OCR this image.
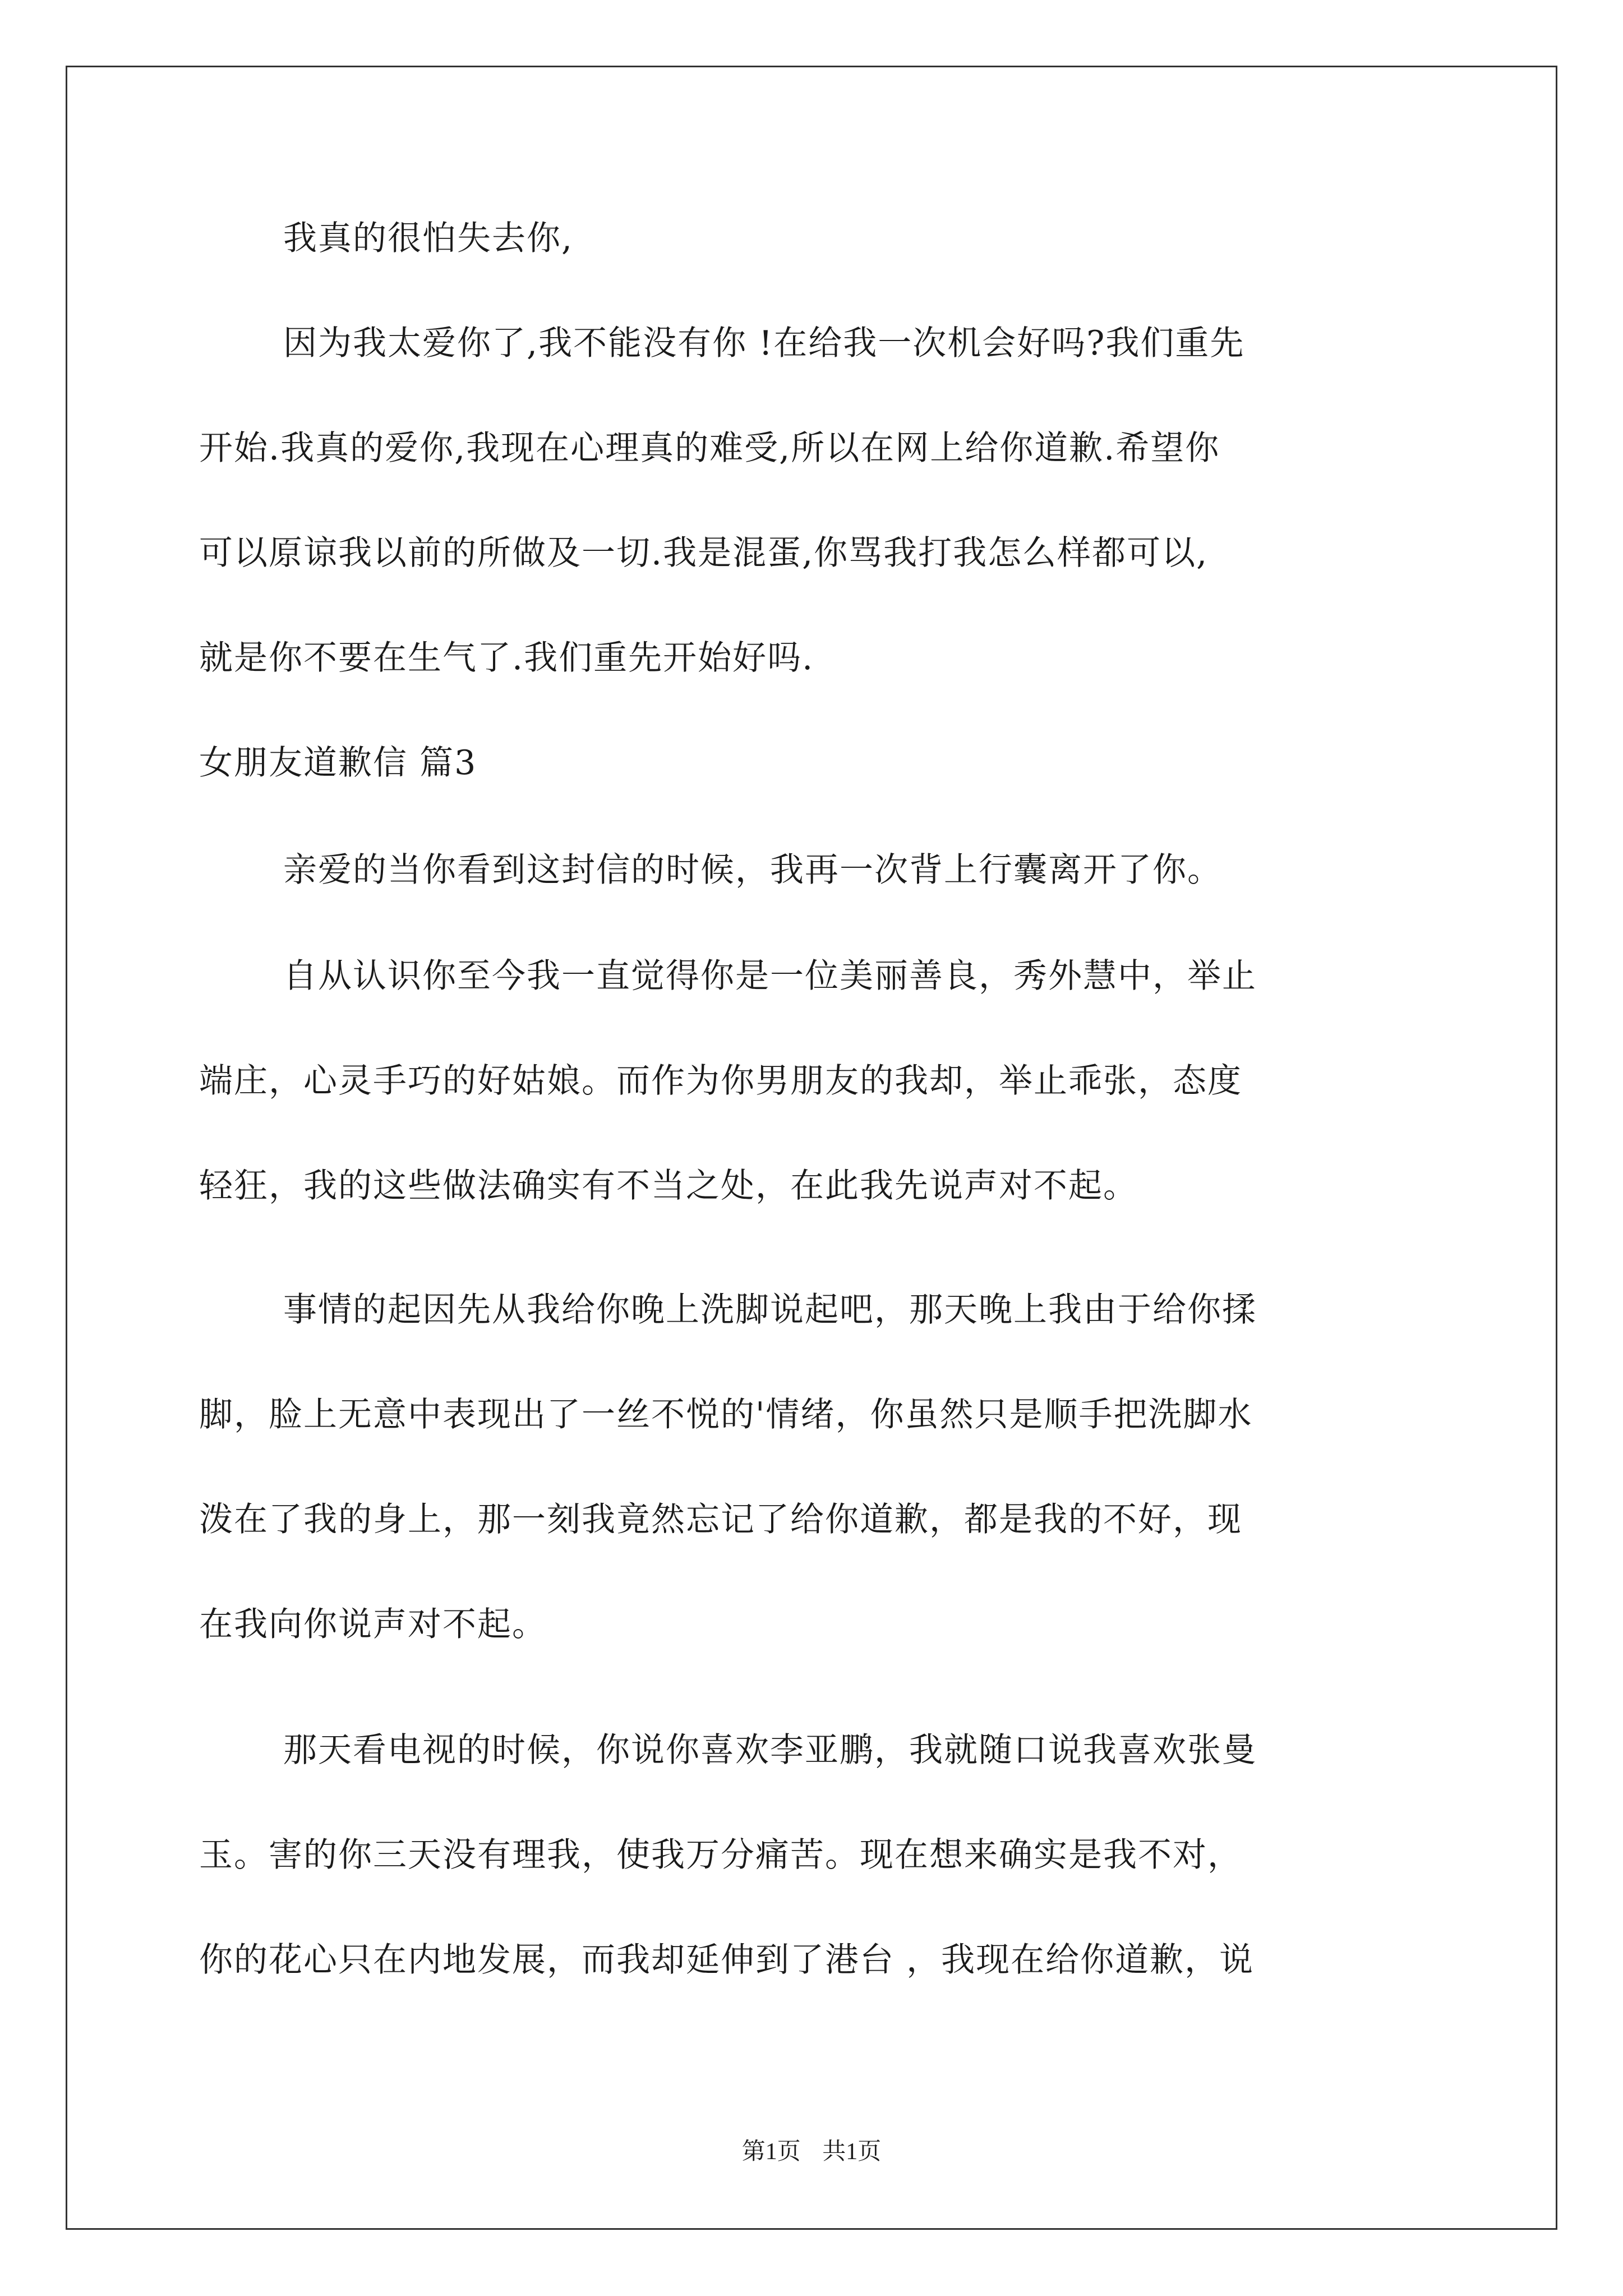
我真的很怕失去你,

因为我太爱你了,我不能没有你 !在给我一次机会好吗?我们重先

开始.我真的爱你,我现在心理真的难受,所以在网上给你道歉.希望你

可以原谅我以前的所做及一切.我是混蛋,你骂我打我怎么样都可以,

就是你不要在生气了.我们重先开始好吗.

女朋友道歉信 篇3

亲爱的当你看到这封信的时候，我再一次背上行囊离开了你。

自从认识你至今我一直觉得你是一位美丽善良，秀外慧中，举止

端庄，心灵手巧的好姑娘。而作为你男朋友的我却，举止乖张，态度

轻狂，我的这些做法确实有不当之处，在此我先说声对不起。

事情的起因先从我给你晚上洗脚说起吧，那天晚上我由于给你揉

脚，脸上无意中表现出了一丝不悦的'情绪，你虽然只是顺手把洗脚水

泼在了我的身上，那一刻我竟然忘记了给你道歉，都是我的不好，现

在我向你说声对不起。

那天看电视的时候，你说你喜欢李亚鹏，我就随口说我喜欢张曼

玉。害的你三天没有理我，使我万分痛苦。现在想来确实是我不对，

你的花心只在内地发展，而我却延伸到了港台 ，我现在给你道歉，说

第1页 共1页
